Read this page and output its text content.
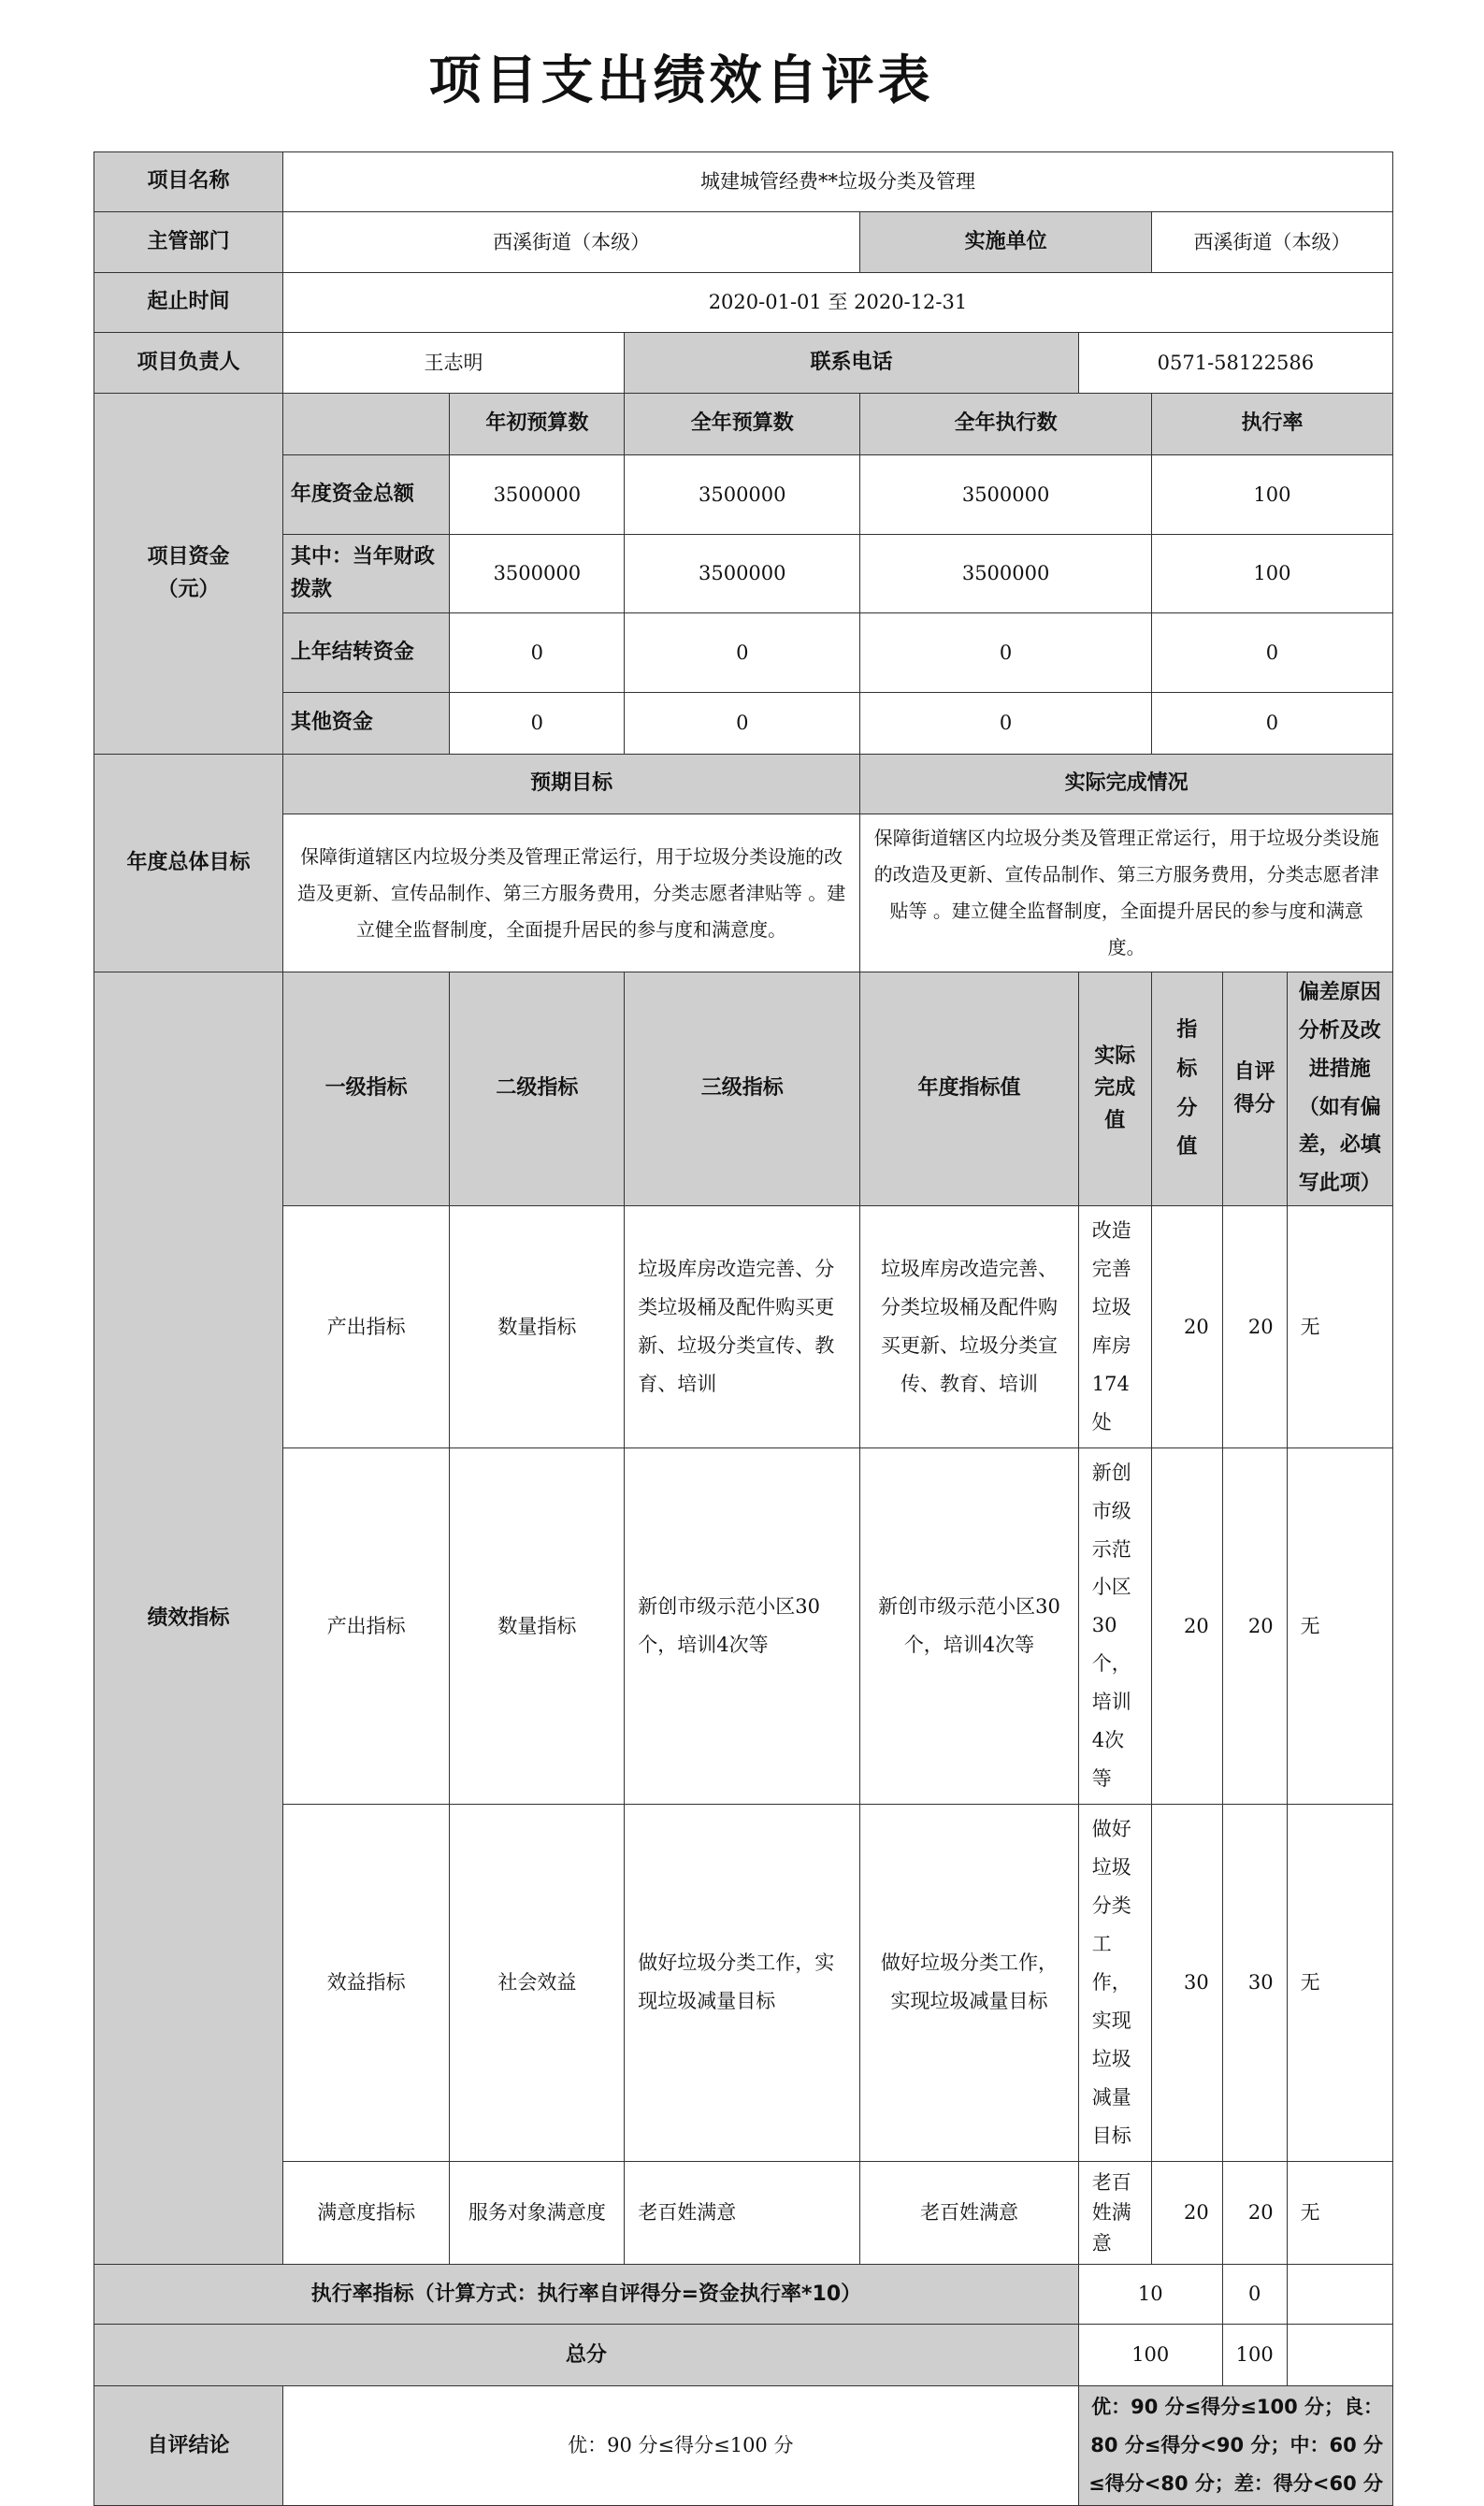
项目支出绩效自评表
项目名称	城建城管经费**垃圾分类及管理							
主管部门	西溪街道（本级）			实施单位		西溪街道（本级）		
起止时间	2020-01-01 至 2020-12-31							
项目负责人	王志明		联系电话		0571-58122586			
项目资金
（元）		年初预算数	全年预算数	全年执行数		执行率		
	年度资金总额	3500000	3500000	3500000		100		
	其中：当年财政拨款	3500000	3500000	3500000		100		
	上年结转资金	0	0	0		0		
	其他资金	0	0	0		0		
年度总体目标	预期目标			实际完成情况				
	保障街道辖区内垃圾分类及管理正常运行，用于垃圾分类设施的改造及更新、宣传品制作、第三方服务费用，分类志愿者津贴等 。建立健全监督制度，全面提升居民的参与度和满意度。			保障街道辖区内垃圾分类及管理正常运行，用于垃圾分类设施的改造及更新、宣传品制作、第三方服务费用，分类志愿者津贴等 。建立健全监督制度，全面提升居民的参与度和满意度。				
绩效指标	一级指标	二级指标	三级指标	年度指标值	实际完成值	指标分值	自评得分	偏差原因分析及改进措施（如有偏差，必填写此项）
	产出指标	数量指标	垃圾库房改造完善、分类垃圾桶及配件购买更新、垃圾分类宣传、教育、培训	垃圾库房改造完善、分类垃圾桶及配件购买更新、垃圾分类宣传、教育、培训	改造完善垃圾库房174处	20	20	无
	产出指标	数量指标	新创市级示范小区30个，培训4次等	新创市级示范小区30个，培训4次等	新创市级示范小区30个，培训4次等	20	20	无
	效益指标	社会效益	做好垃圾分类工作，实现垃圾减量目标	做好垃圾分类工作，实现垃圾减量目标	做好垃圾分类工作，实现垃圾减量目标	30	30	无
	满意度指标	服务对象满意度	老百姓满意	老百姓满意	老百姓满意	20	20	无
执行率指标（计算方式：执行率自评得分=资金执行率*10）					10		0	
总分					100		100	
自评结论	优：90 分≤得分≤100 分				优：90 分≤得分≤100 分；良：80 分≤得分<90 分；中：60 分≤得分<80 分；差：得分<60 分			
